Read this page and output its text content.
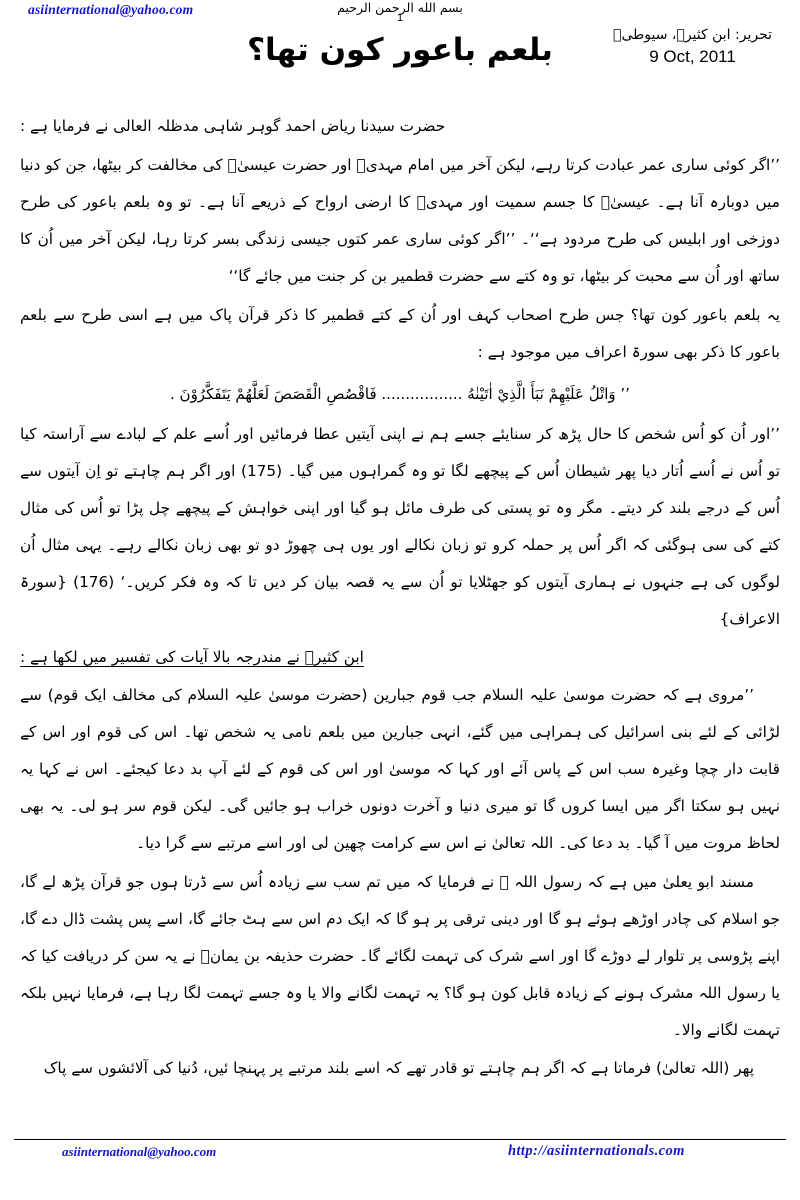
asiinternational@yahoo.com	بسم الله الرحمن الرحيم
1
بلعم باعور کون تھا؟	تحریر: ابن کثیرؒ، سیوطیؒ
9 Oct, 2011

حضرت سیدنا ریاض احمد گوہر شاہی مدظلہ العالی نے فرمایا ہے :

’’اگر کوئی ساری عمر عبادت کرتا رہے، لیکن آخر میں امام مہدیؑ اور حضرت عیسیٰؑ کی مخالفت کر بیٹھا، جن کو دنیا میں دوبارہ آنا ہے۔ عیسیٰؑ کا جسم سمیت اور مہدیؑ کا ارضی ارواح کے ذریعے آنا ہے۔ تو وہ بلعم باعور کی طرح دوزخی اور ابلیس کی طرح مردود ہے‘‘۔ ’’اگر کوئی ساری عمر کتوں جیسی زندگی بسر کرتا رہا، لیکن آخر میں اُن کا ساتھ اور اُن سے محبت کر بیٹھا، تو وہ کتے سے حضرت قطمیر بن کر جنت میں جائے گا‘‘

یہ بلعم باعور کون تھا؟ جس طرح اصحاب کہف اور اُن کے کتے قطمیر کا ذکر قرآن پاک میں ہے اسی طرح سے بلعم باعور کا ذکر بھی سورۃ اعراف میں موجود ہے :

’’ وَاتْلُ عَلَيْهِمْ نَبَأَ الَّذِيْ اٰتَيْنٰهُ ................. فَاقْصُصِ الْقَصَصَ لَعَلَّهُمْ يَتَفَكَّرُوْنَ .

’’اور اُن کو اُس شخص کا حال پڑھ کر سنایئے جسے ہم نے اپنی آیتیں عطا فرمائیں اور اُسے علم کے لبادے سے آراستہ کیا تو اُس نے اُسے اُتار دیا پھر شیطان اُس کے پیچھے لگا تو وہ گمراہوں میں گیا۔ (175) اور اگر ہم چاہتے تو اِن آیتوں سے اُس کے درجے بلند کر دیتے۔ مگر وہ تو پستی کی طرف مائل ہو گیا اور اپنی خواہش کے پیچھے چل پڑا تو اُس کی مثال کتے کی سی ہوگئی کہ اگر اُس پر حملہ کرو تو زبان نکالے اور یوں ہی چھوڑ دو تو بھی زبان نکالے رہے۔ یہی مثال اُن لوگوں کی ہے جنہوں نے ہماری آیتوں کو جھٹلایا تو اُن سے یہ قصہ بیان کر دیں تا کہ وہ فکر کریں۔‘ (176) {سورۃ الاعراف}

ابن کثیرؒ نے مندرجہ بالا آیات کی تفسیر میں لکھا ہے :

’’مروی ہے کہ حضرت موسیٰ علیہ السلام جب قوم جبارین (حضرت موسیٰ علیہ السلام کی مخالف ایک قوم) سے لڑائی کے لئے بنی اسرائیل کی ہمراہی میں گئے، انہی جبارین میں بلعم نامی یہ شخص تھا۔ اس کی قوم اور اس کے قابت دار چچا وغیرہ سب اس کے پاس آئے اور کہا کہ موسیٰ اور اس کی قوم کے لئے آپ بد دعا کیجئے۔ اس نے کہا یہ نہیں ہو سکتا اگر میں ایسا کروں گا تو میری دنیا و آخرت دونوں خراب ہو جائیں گی۔ لیکن قوم سر ہو لی۔ یہ بھی لحاظ مروت میں آ گیا۔ بد دعا کی۔ اللہ تعالیٰ نے اس سے کرامت چھین لی اور اسے مرتبے سے گرا دیا۔

مسند ابو یعلیٰ میں ہے کہ رسول اللہ ﷺ نے فرمایا کہ میں تم سب سے زیادہ اُس سے ڈرتا ہوں جو قرآن پڑھ لے گا، جو اسلام کی چادر اوڑھے ہوئے ہو گا اور دینی ترقی پر ہو گا کہ ایک دم اس سے ہٹ جائے گا، اسے پس پشت ڈال دے گا، اپنے پڑوسی پر تلوار لے دوڑے گا اور اسے شرک کی تہمت لگائے گا۔ حضرت حذیفہ بن یمانؓ نے یہ سن کر دریافت کیا کہ یا رسول اللہ مشرک ہونے کے زیادہ قابل کون ہو گا؟ یہ تہمت لگانے والا یا وہ جسے تہمت لگا رہا ہے، فرمایا نہیں بلکہ تہمت لگانے والا۔

پھر (اللہ تعالیٰ) فرماتا ہے کہ اگر ہم چاہتے تو قادر تھے کہ اسے بلند مرتبے پر پہنچا ئیں، دُنیا کی آلائشوں سے پاک

asiinternational@yahoo.com	http://asiinternationals.com
